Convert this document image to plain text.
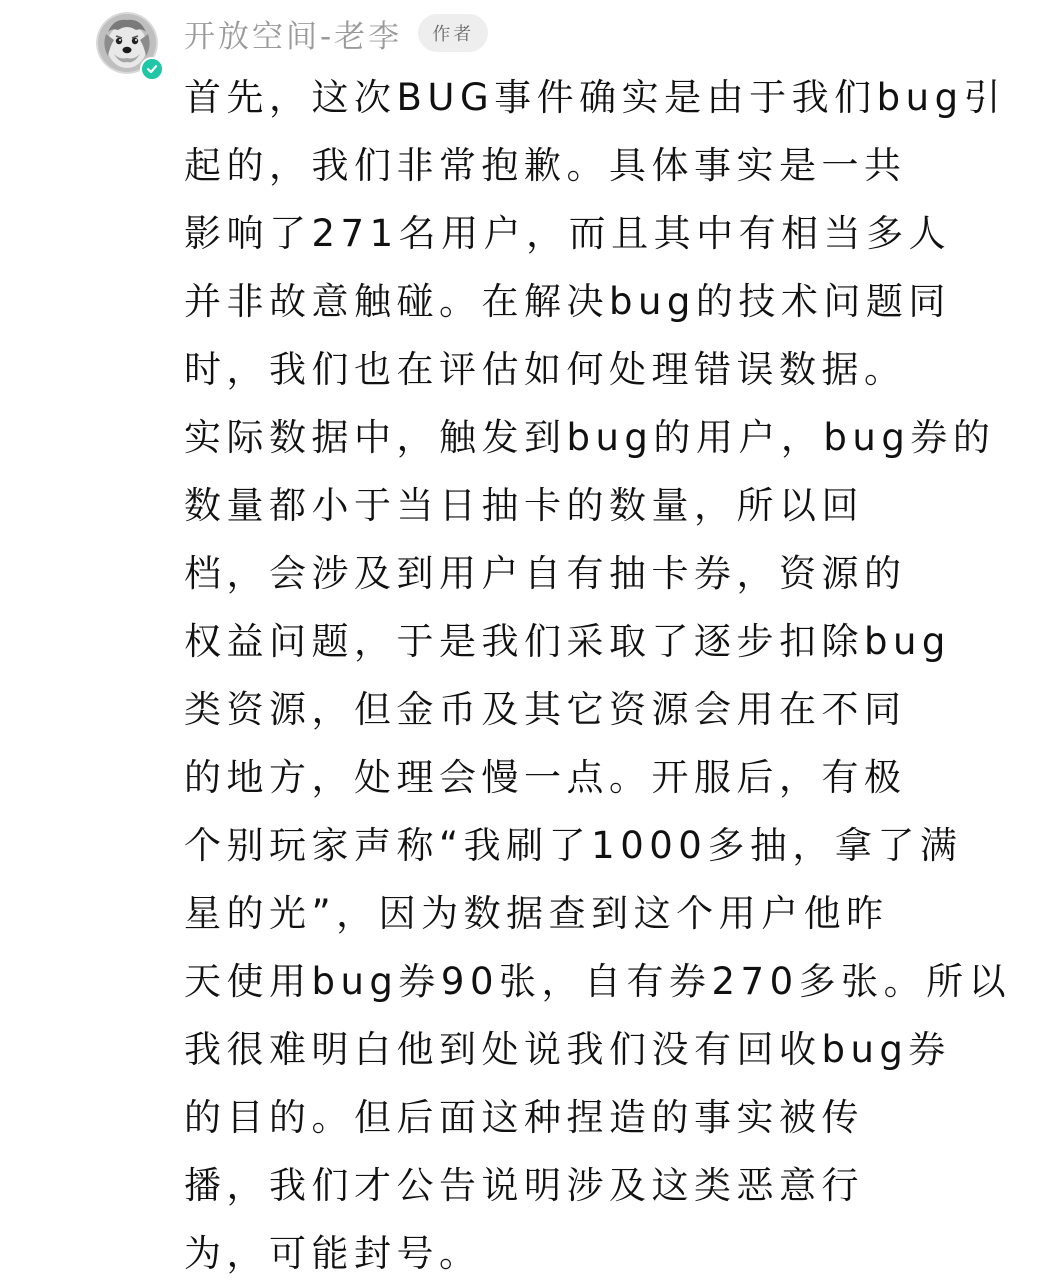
开放空间-老李	作者
首先，这次BUG事件确实是由于我们bug引
起的，我们非常抱歉。具体事实是一共
影响了271名用户，而且其中有相当多人
并非故意触碰。在解决bug的技术问题同
时，我们也在评估如何处理错误数据。
实际数据中，触发到bug的用户，bug券的
数量都小于当日抽卡的数量，所以回
档，会涉及到用户自有抽卡券，资源的
权益问题，于是我们采取了逐步扣除bug
类资源，但金币及其它资源会用在不同
的地方，处理会慢一点。开服后，有极
个别玩家声称“我刷了1000多抽，拿了满
星的光”，因为数据查到这个用户他昨
天使用bug券90张，自有券270多张。所以
我很难明白他到处说我们没有回收bug券
的目的。但后面这种捏造的事实被传
播，我们才公告说明涉及这类恶意行
为，可能封号。
